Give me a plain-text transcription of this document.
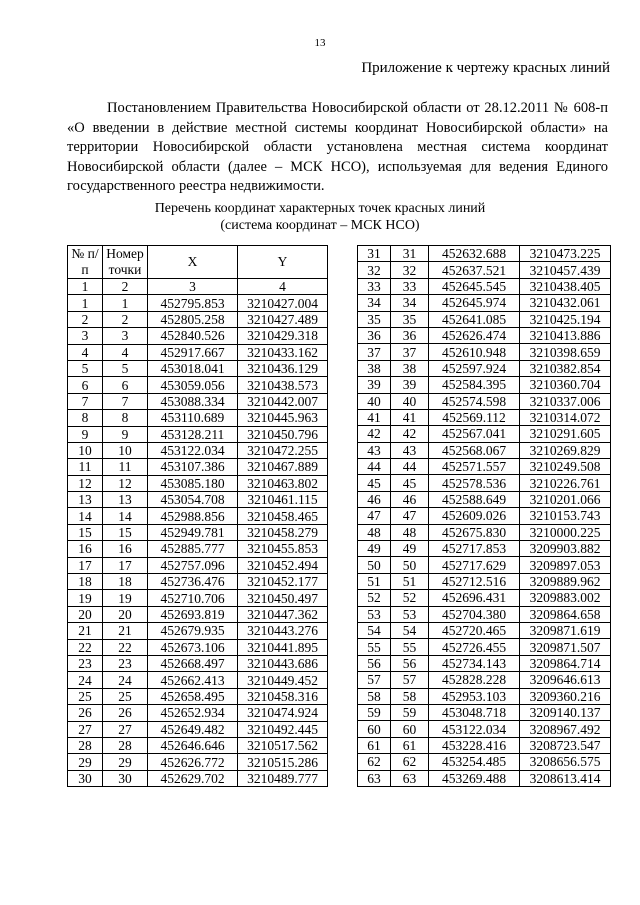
13
Приложение к чертежу красных линий
Постановлением Правительства Новосибирской области от 28.12.2011 № 608-п «О введении в действие местной системы координат Новосибирской области» на территории Новосибирской области установлена местная система координат Новосибирской области (далее – МСК НСО), используемая для ведения Единого государственного реестра недвижимости.
Перечень координат характерных точек красных линий
(система координат – МСК НСО)
№ п/п	Номер точки	X	Y
1	2	3	4
1	1	452795.853	3210427.004
2	2	452805.258	3210427.489
3	3	452840.526	3210429.318
4	4	452917.667	3210433.162
5	5	453018.041	3210436.129
6	6	453059.056	3210438.573
7	7	453088.334	3210442.007
8	8	453110.689	3210445.963
9	9	453128.211	3210450.796
10	10	453122.034	3210472.255
11	11	453107.386	3210467.889
12	12	453085.180	3210463.802
13	13	453054.708	3210461.115
14	14	452988.856	3210458.465
15	15	452949.781	3210458.279
16	16	452885.777	3210455.853
17	17	452757.096	3210452.494
18	18	452736.476	3210452.177
19	19	452710.706	3210450.497
20	20	452693.819	3210447.362
21	21	452679.935	3210443.276
22	22	452673.106	3210441.895
23	23	452668.497	3210443.686
24	24	452662.413	3210449.452
25	25	452658.495	3210458.316
26	26	452652.934	3210474.924
27	27	452649.482	3210492.445
28	28	452646.646	3210517.562
29	29	452626.772	3210515.286
30	30	452629.702	3210489.777
31	31	452632.688	3210473.225
32	32	452637.521	3210457.439
33	33	452645.545	3210438.405
34	34	452645.974	3210432.061
35	35	452641.085	3210425.194
36	36	452626.474	3210413.886
37	37	452610.948	3210398.659
38	38	452597.924	3210382.854
39	39	452584.395	3210360.704
40	40	452574.598	3210337.006
41	41	452569.112	3210314.072
42	42	452567.041	3210291.605
43	43	452568.067	3210269.829
44	44	452571.557	3210249.508
45	45	452578.536	3210226.761
46	46	452588.649	3210201.066
47	47	452609.026	3210153.743
48	48	452675.830	3210000.225
49	49	452717.853	3209903.882
50	50	452717.629	3209897.053
51	51	452712.516	3209889.962
52	52	452696.431	3209883.002
53	53	452704.380	3209864.658
54	54	452720.465	3209871.619
55	55	452726.455	3209871.507
56	56	452734.143	3209864.714
57	57	452828.228	3209646.613
58	58	452953.103	3209360.216
59	59	453048.718	3209140.137
60	60	453122.034	3208967.492
61	61	453228.416	3208723.547
62	62	453254.485	3208656.575
63	63	453269.488	3208613.414
